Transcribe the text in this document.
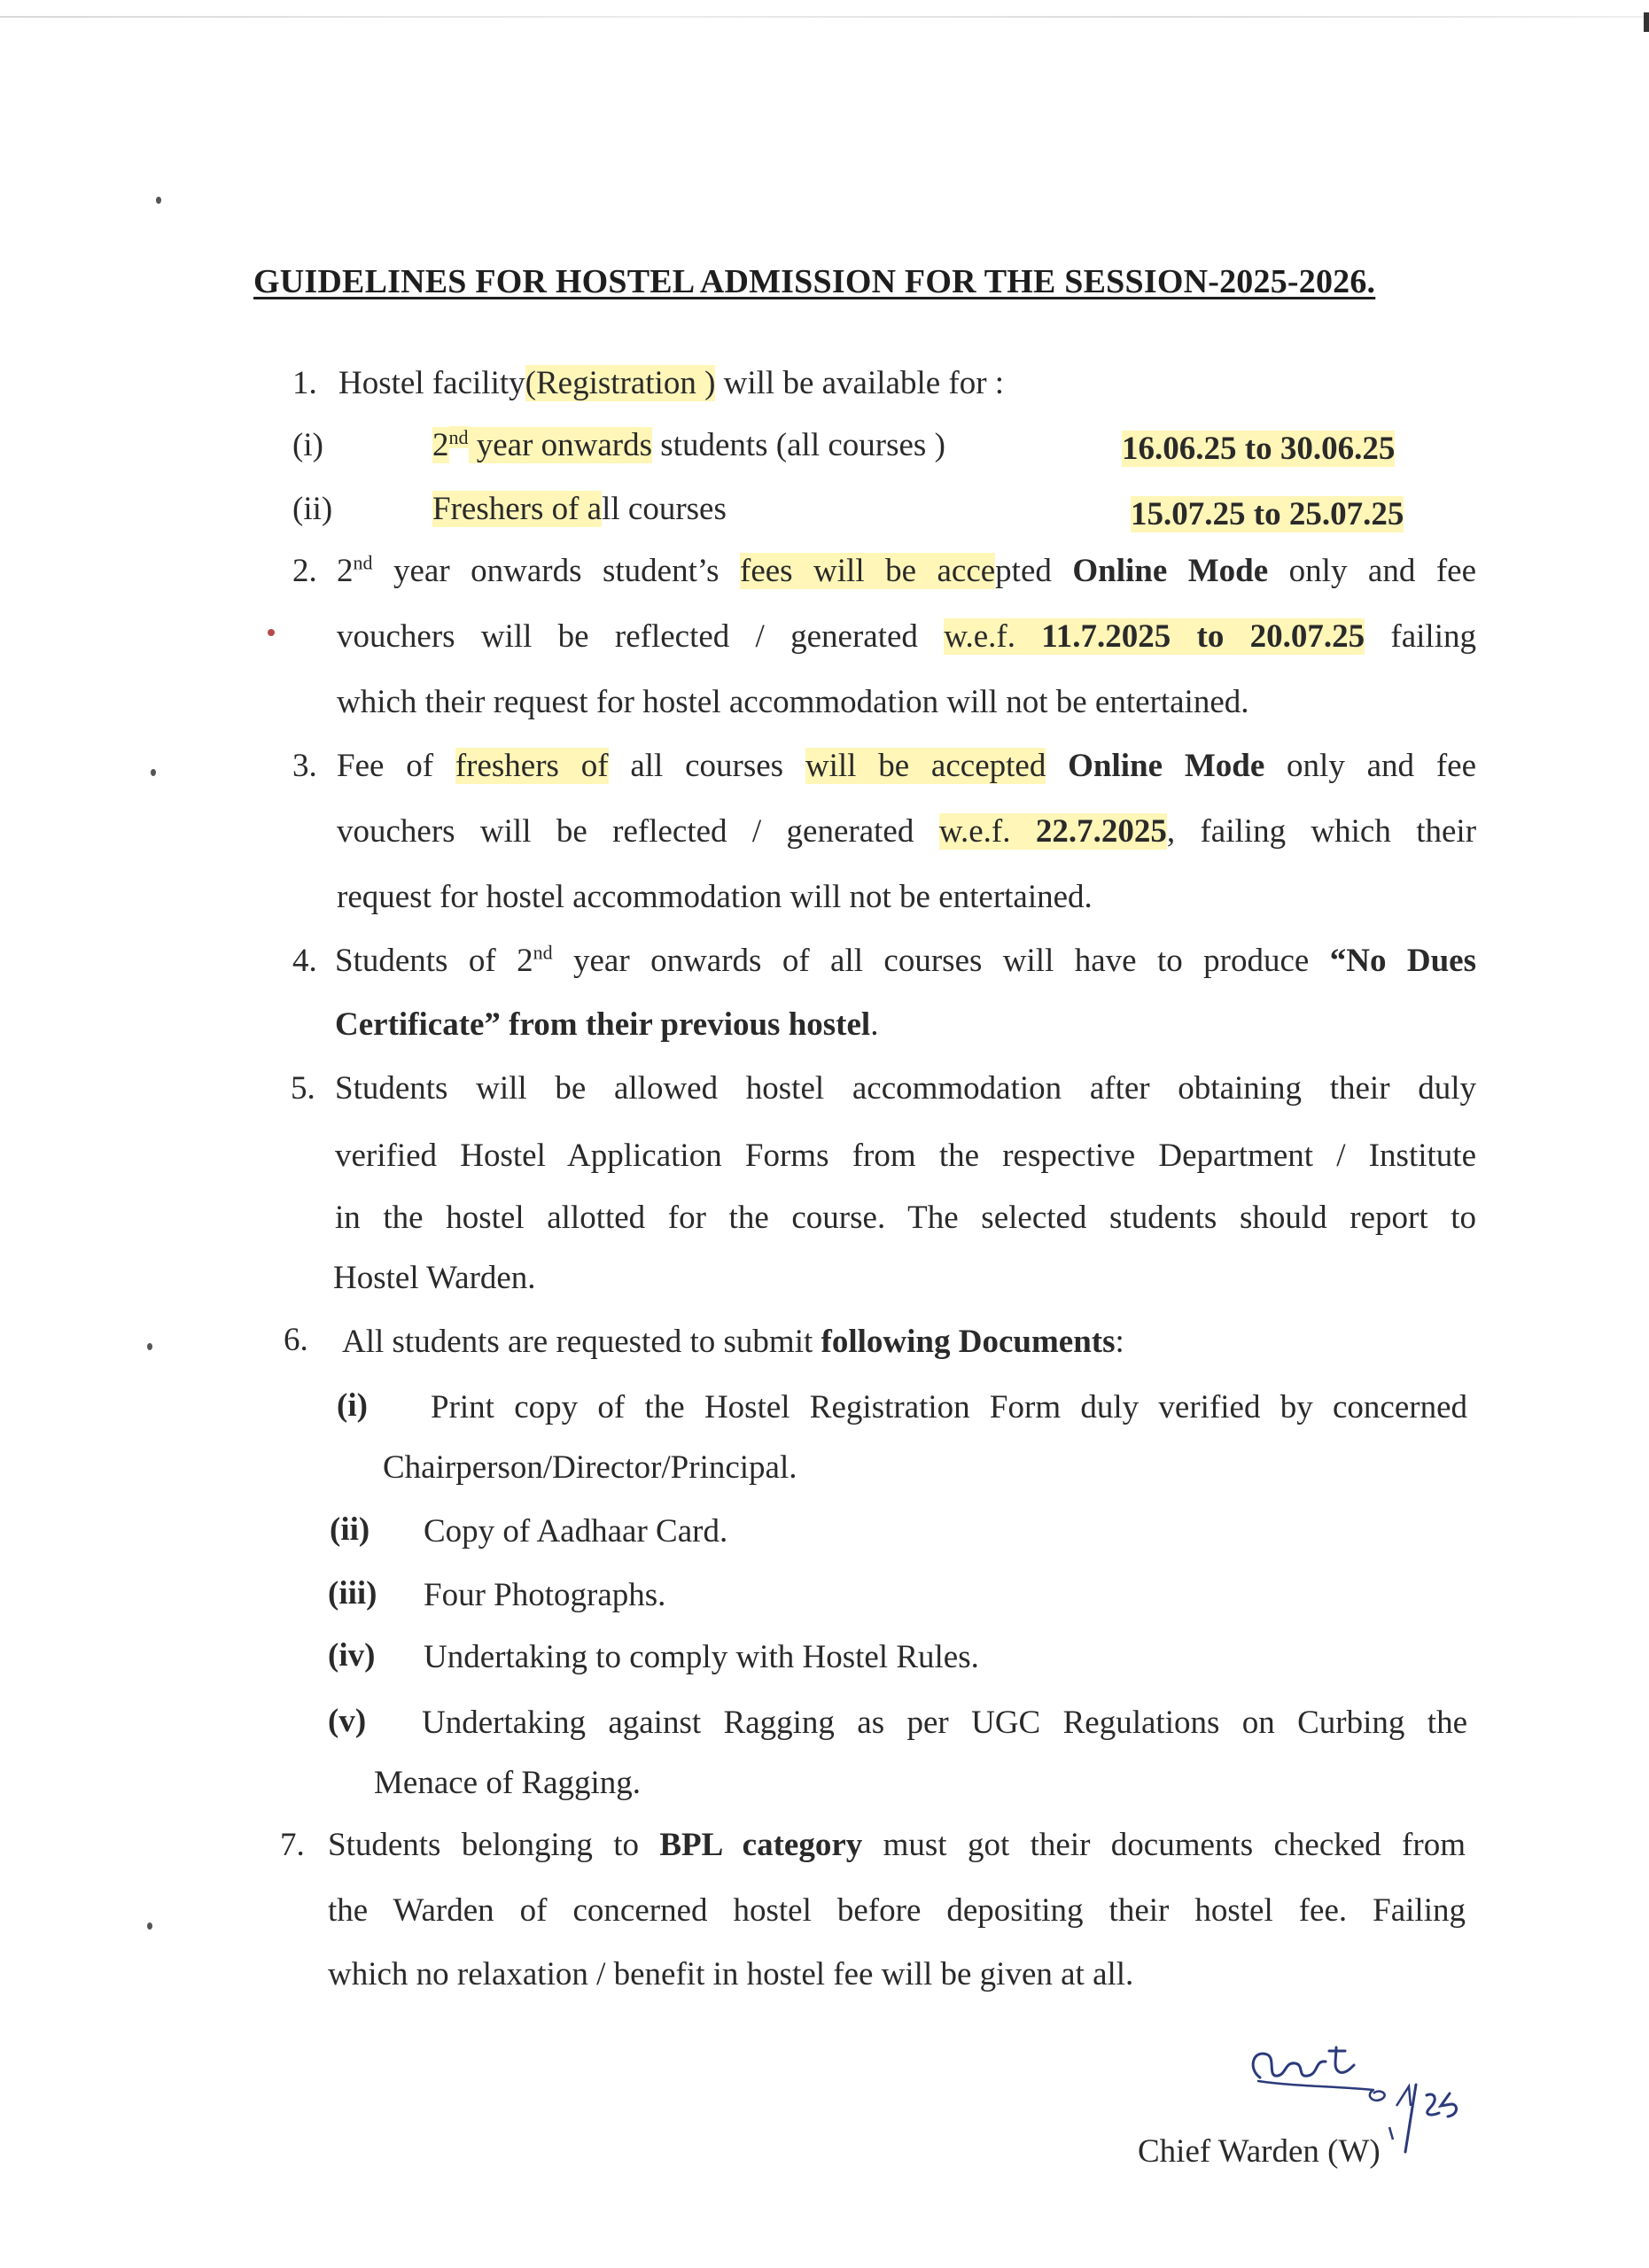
GUIDELINES FOR HOSTEL ADMISSION FOR THE SESSION-2025-2026.
1. Hostel facility(Registration ) will be available for :
(i)	2nd year onwards students (all courses )	16.06.25 to 30.06.25
(ii)	Freshers of all courses	15.07.25 to 25.07.25
2. 2nd year onwards student’s fees will be accepted Online Mode only and fee
vouchers will be reflected / generated w.e.f. 11.7.2025 to 20.07.25 failing
which their request for hostel accommodation will not be entertained.
3. Fee of freshers of all courses will be accepted Online Mode only and fee
vouchers will be reflected / generated w.e.f. 22.7.2025, failing which their
request for hostel accommodation will not be entertained.
4. Students of 2nd year onwards of all courses will have to produce “No Dues
Certificate” from their previous hostel.
5. Students will be allowed hostel accommodation after obtaining their duly
verified Hostel Application Forms from the respective Department / Institute
in the hostel allotted for the course. The selected students should report to
Hostel Warden.
6. All students are requested to submit following Documents:
(i) Print copy of the Hostel Registration Form duly verified by concerned
Chairperson/Director/Principal.
(ii) Copy of Aadhaar Card.
(iii) Four Photographs.
(iv) Undertaking to comply with Hostel Rules.
(v) Undertaking against Ragging as per UGC Regulations on Curbing the
Menace of Ragging.
7. Students belonging to BPL category must got their documents checked from
the Warden of concerned hostel before depositing their hostel fee. Failing
which no relaxation / benefit in hostel fee will be given at all.
Chief Warden (W)
